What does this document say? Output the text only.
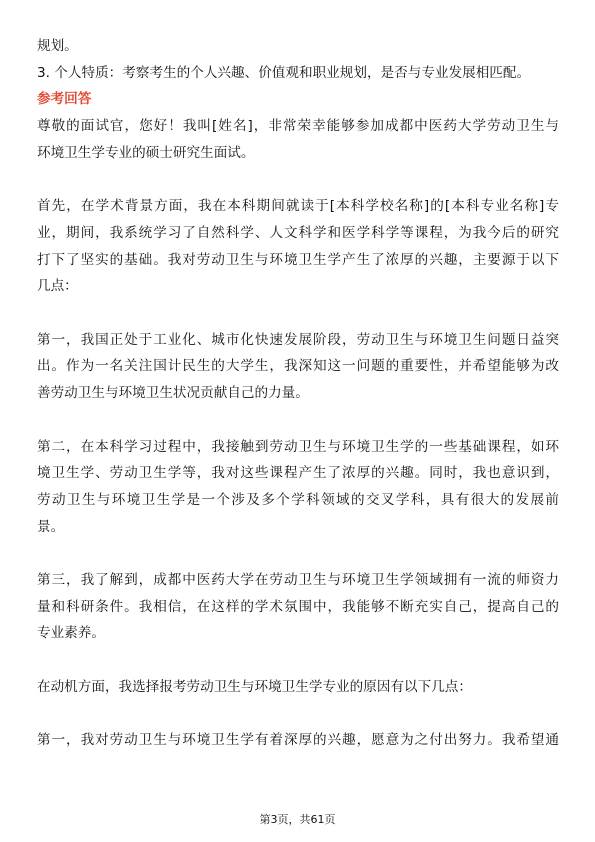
规划。
3. 个人特质：考察考生的个人兴趣、价值观和职业规划，是否与专业发展相匹配。
参考回答
尊敬的面试官，您好！我叫[姓名]，非常荣幸能够参加成都中医药大学劳动卫生与
环境卫生学专业的硕士研究生面试。
首先，在学术背景方面，我在本科期间就读于[本科学校名称]的[本科专业名称]专
业，期间，我系统学习了自然科学、人文科学和医学科学等课程，为我今后的研究
打下了坚实的基础。我对劳动卫生与环境卫生学产生了浓厚的兴趣，主要源于以下
几点：
第一，我国正处于工业化、城市化快速发展阶段，劳动卫生与环境卫生问题日益突
出。作为一名关注国计民生的大学生，我深知这一问题的重要性，并希望能够为改
善劳动卫生与环境卫生状况贡献自己的力量。
第二，在本科学习过程中，我接触到劳动卫生与环境卫生学的一些基础课程，如环
境卫生学、劳动卫生学等，我对这些课程产生了浓厚的兴趣。同时，我也意识到，
劳动卫生与环境卫生学是一个涉及多个学科领域的交叉学科，具有很大的发展前
景。
第三，我了解到，成都中医药大学在劳动卫生与环境卫生学领域拥有一流的师资力
量和科研条件。我相信，在这样的学术氛围中，我能够不断充实自己，提高自己的
专业素养。
在动机方面，我选择报考劳动卫生与环境卫生学专业的原因有以下几点：
第一，我对劳动卫生与环境卫生学有着深厚的兴趣，愿意为之付出努力。我希望通
第3页，共61页
